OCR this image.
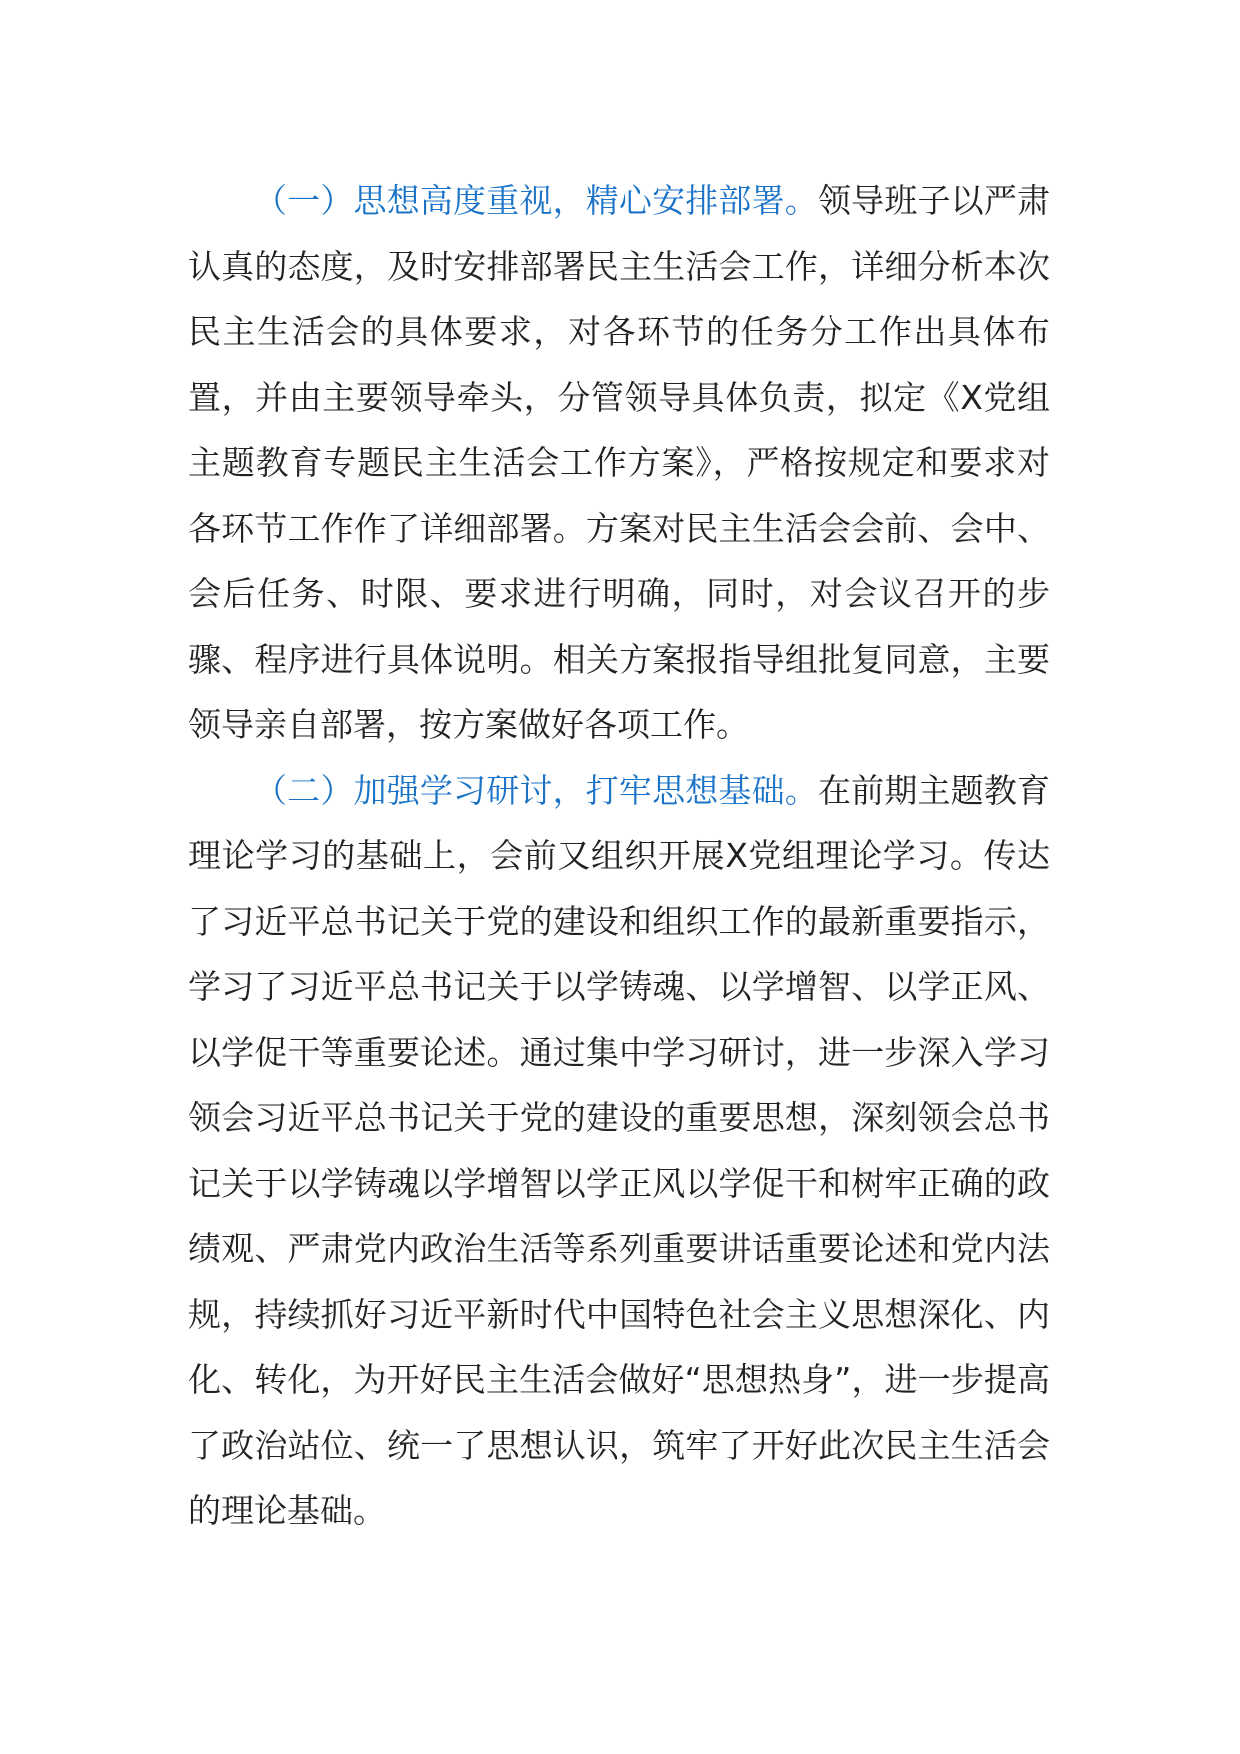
（一）思想高度重视，精心安排部署。领导班子以严肃认真的态度，及时安排部署民主生活会工作，详细分析本次民主生活会的具体要求，对各环节的任务分工作出具体布置，并由主要领导牵头，分管领导具体负责，拟定《X党组主题教育专题民主生活会工作方案》，严格按规定和要求对各环节工作作了详细部署。方案对民主生活会会前、会中、会后任务、时限、要求进行明确，同时，对会议召开的步骤、程序进行具体说明。相关方案报指导组批复同意，主要领导亲自部署，按方案做好各项工作。

（二）加强学习研讨，打牢思想基础。在前期主题教育理论学习的基础上，会前又组织开展X党组理论学习。传达了习近平总书记关于党的建设和组织工作的最新重要指示，学习了习近平总书记关于以学铸魂、以学增智、以学正风、以学促干等重要论述。通过集中学习研讨，进一步深入学习领会习近平总书记关于党的建设的重要思想，深刻领会总书记关于以学铸魂以学增智以学正风以学促干和树牢正确的政绩观、严肃党内政治生活等系列重要讲话重要论述和党内法规，持续抓好习近平新时代中国特色社会主义思想深化、内化、转化，为开好民主生活会做好“思想热身”，进一步提高了政治站位、统一了思想认识，筑牢了开好此次民主生活会的理论基础。
